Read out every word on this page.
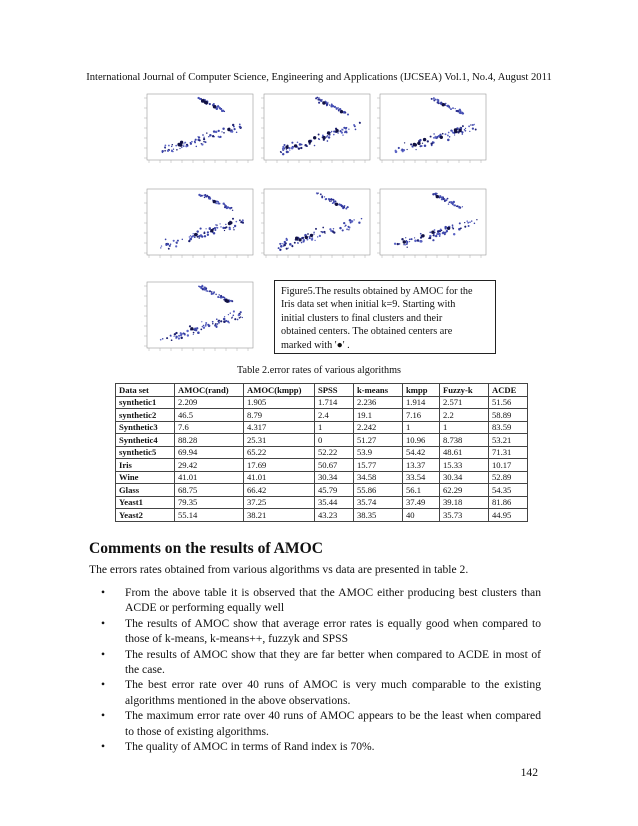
International Journal of Computer Science, Engineering and Applications (IJCSEA) Vol.1, No.4, August 2011
Figure5.The results obtained by AMOC for the
Iris data set when initial k=9. Starting with
initial clusters to final clusters and their
obtained centers. The obtained centers are
marked with '●' .
Table 2.error rates of various algorithms
Data set	AMOC(rand)	AMOC(kmpp)	SPSS	k-means	kmpp	Fuzzy-k	ACDE
synthetic1	2.209	1.905	1.714	2.236	1.914	2.571	51.56
synthetic2	46.5	8.79	2.4	19.1	7.16	2.2	58.89
Synthetic3	7.6	4.317	1	2.242	1	1	83.59
Synthetic4	88.28	25.31	0	51.27	10.96	8.738	53.21
synthetic5	69.94	65.22	52.22	53.9	54.42	48.61	71.31
Iris	29.42	17.69	50.67	15.77	13.37	15.33	10.17
Wine	41.01	41.01	30.34	34.58	33.54	30.34	52.89
Glass	68.75	66.42	45.79	55.86	56.1	62.29	54.35
Yeast1	79.35	37.25	35.44	35.74	37.49	39.18	81.86
Yeast2	55.14	38.21	43.23	38.35	40	35.73	44.95
Comments on the results of AMOC
The errors rates obtained from various algorithms vs data are presented in table 2.
• From the above table it is observed that the AMOC either producing best clusters than ACDE or performing equally well
• The results of AMOC show that average error rates is equally good when compared to those of k-means, k-means++, fuzzyk and SPSS
• The results of AMOC show that they are far better when compared to ACDE in most of the case.
• The best error rate over 40 runs of AMOC is very much comparable to the existing algorithms mentioned in the above observations.
• The maximum error rate over 40 runs of AMOC appears to be the least when compared to those of existing algorithms.
• The quality of AMOC in terms of Rand index is 70%.
142
